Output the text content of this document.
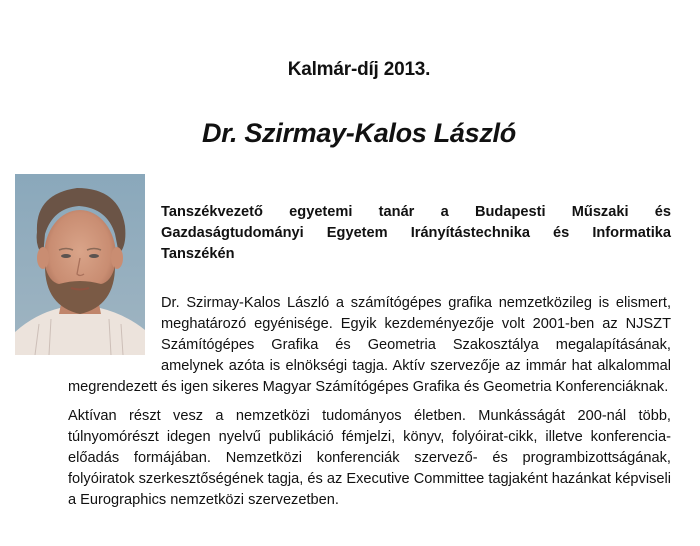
Kalmár-díj 2013.
Dr. Szirmay-Kalos László

Tanszékvezető egyetemi tanár a Budapesti Műszaki és Gazdaságtudományi Egyetem Irányítástechnika és Informatika Tanszékén

Dr. Szirmay-Kalos László a számítógépes grafika nemzetközileg is elismert, meghatározó egyénisége. Egyik kezdeményezője volt 2001-ben az NJSZT Számítógépes Grafika és Geometria Szakosztálya megalapításának, amelynek azóta is elnökségi tagja. Aktív szervezője az immár hat alkalommal megrendezett és igen sikeres Magyar Számítógépes Grafika és Geometria Konferenciáknak.

Aktívan részt vesz a nemzetközi tudományos életben. Munkásságát 200-nál több, túlnyomórészt idegen nyelvű publikáció fémjelzi, könyv, folyóirat-cikk, illetve konferencia-előadás formájában. Nemzetközi konferenciák szervező- és programbizottságának, folyóiratok szerkesztőségének tagja, és az Executive Committee tagjaként hazánkat képviseli a Eurographics nemzetközi szervezetben.
